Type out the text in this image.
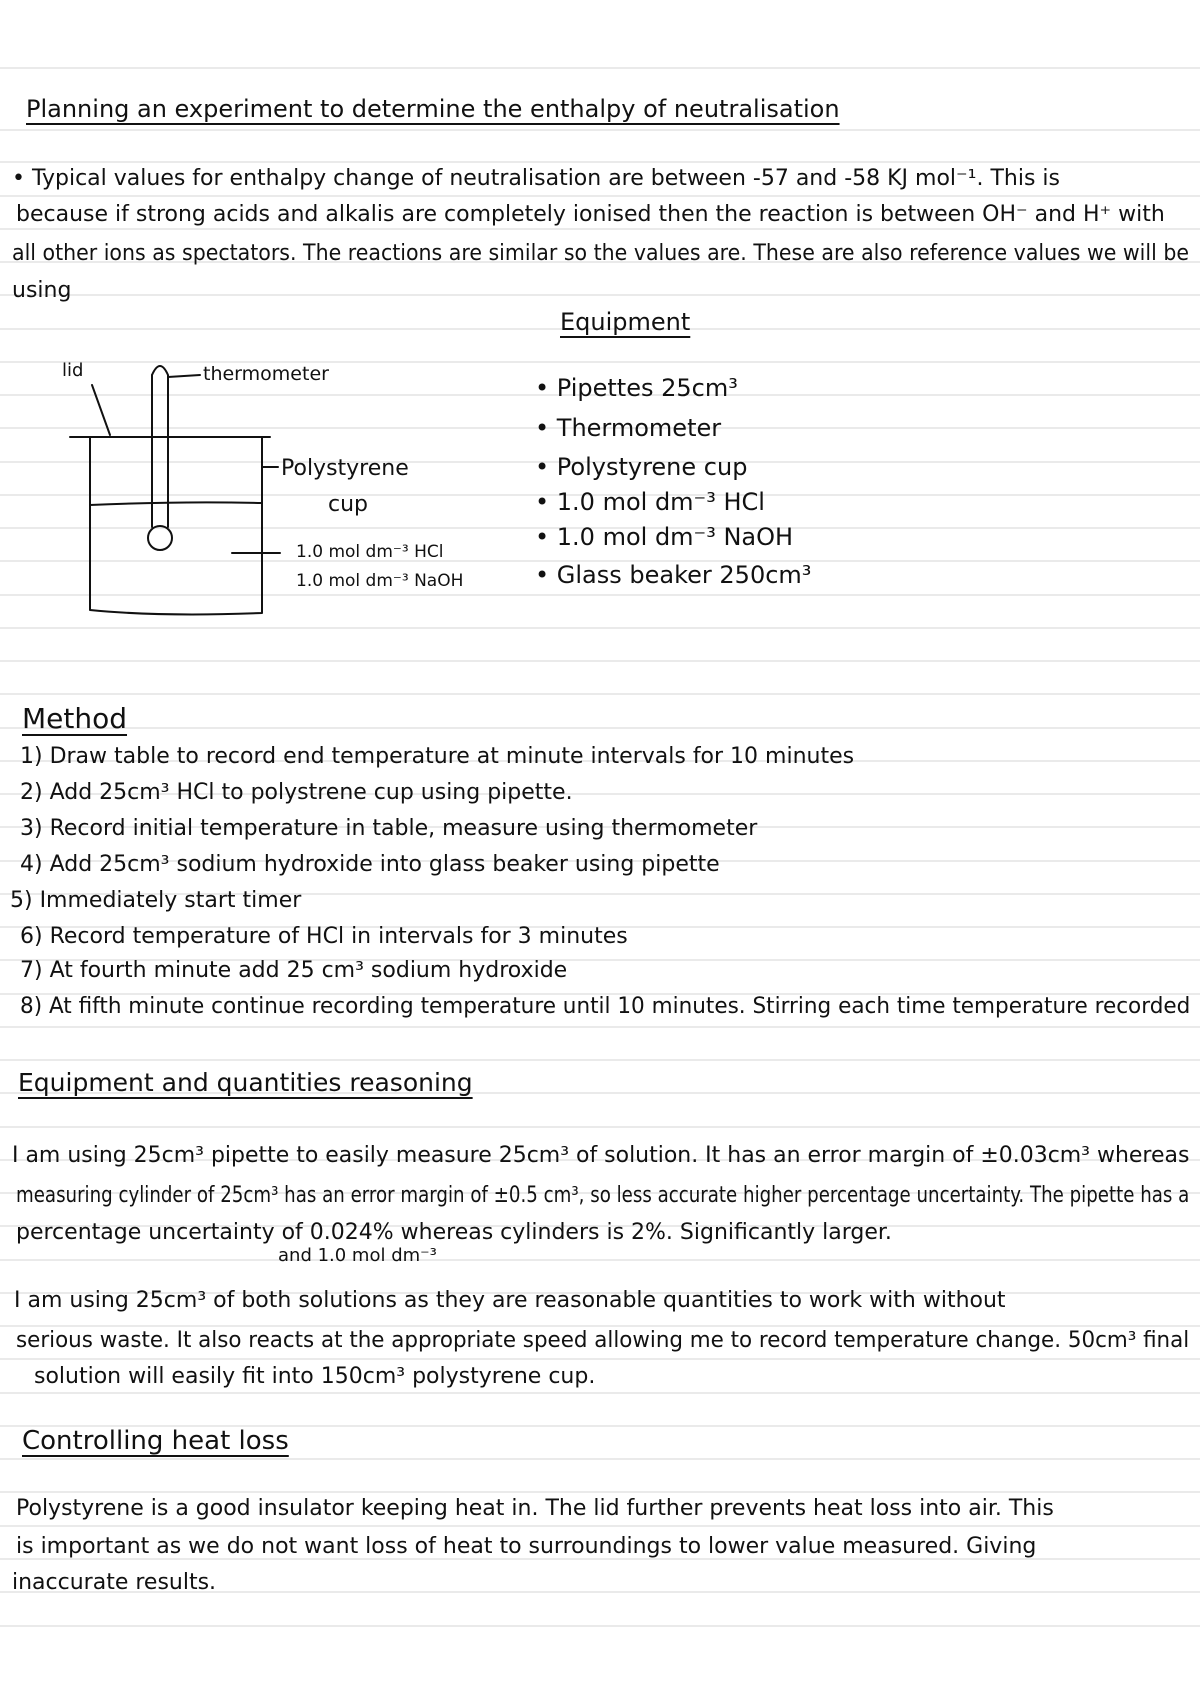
Planning an experiment to determine the enthalpy of neutralisation
• Typical values for enthalpy change of neutralisation are between -57 and -58 KJ mol⁻¹. This is
because if strong acids and alkalis are completely ionised then the reaction is between OH⁻ and H⁺ with
all other ions as spectators. The reactions are similar so the values are. These are also reference values we will be
using
Equipment
• Pipettes 25cm³
• Thermometer
• Polystyrene cup
• 1.0 mol dm⁻³ HCl
• 1.0 mol dm⁻³ NaOH
• Glass beaker 250cm³
lid	thermometer
Polystyrene
cup
1.0 mol dm⁻³ HCl
1.0 mol dm⁻³ NaOH
Method
1) Draw table to record end temperature at minute intervals for 10 minutes
2) Add 25cm³ HCl to polystrene cup using pipette.
3) Record initial temperature in table, measure using thermometer
4) Add 25cm³ sodium hydroxide into glass beaker using pipette
5) Immediately start timer
6) Record temperature of HCl in intervals for 3 minutes
7) At fourth minute add 25 cm³ sodium hydroxide
8) At fifth minute continue recording temperature until 10 minutes. Stirring each time temperature recorded
Equipment and quantities reasoning
I am using 25cm³ pipette to easily measure 25cm³ of solution. It has an error margin of ±0.03cm³ whereas
measuring cylinder of 25cm³ has an error margin of ±0.5 cm³, so less accurate higher percentage uncertainty. The pipette has a
percentage uncertainty of 0.024% whereas cylinders is 2%. Significantly larger.
and 1.0 mol dm⁻³
I am using 25cm³ of both solutions as they are reasonable quantities to work with without
serious waste. It also reacts at the appropriate speed allowing me to record temperature change. 50cm³ final
solution will easily fit into 150cm³ polystyrene cup.
Controlling heat loss
Polystyrene is a good insulator keeping heat in. The lid further prevents heat loss into air. This
is important as we do not want loss of heat to surroundings to lower value measured. Giving
inaccurate results.
